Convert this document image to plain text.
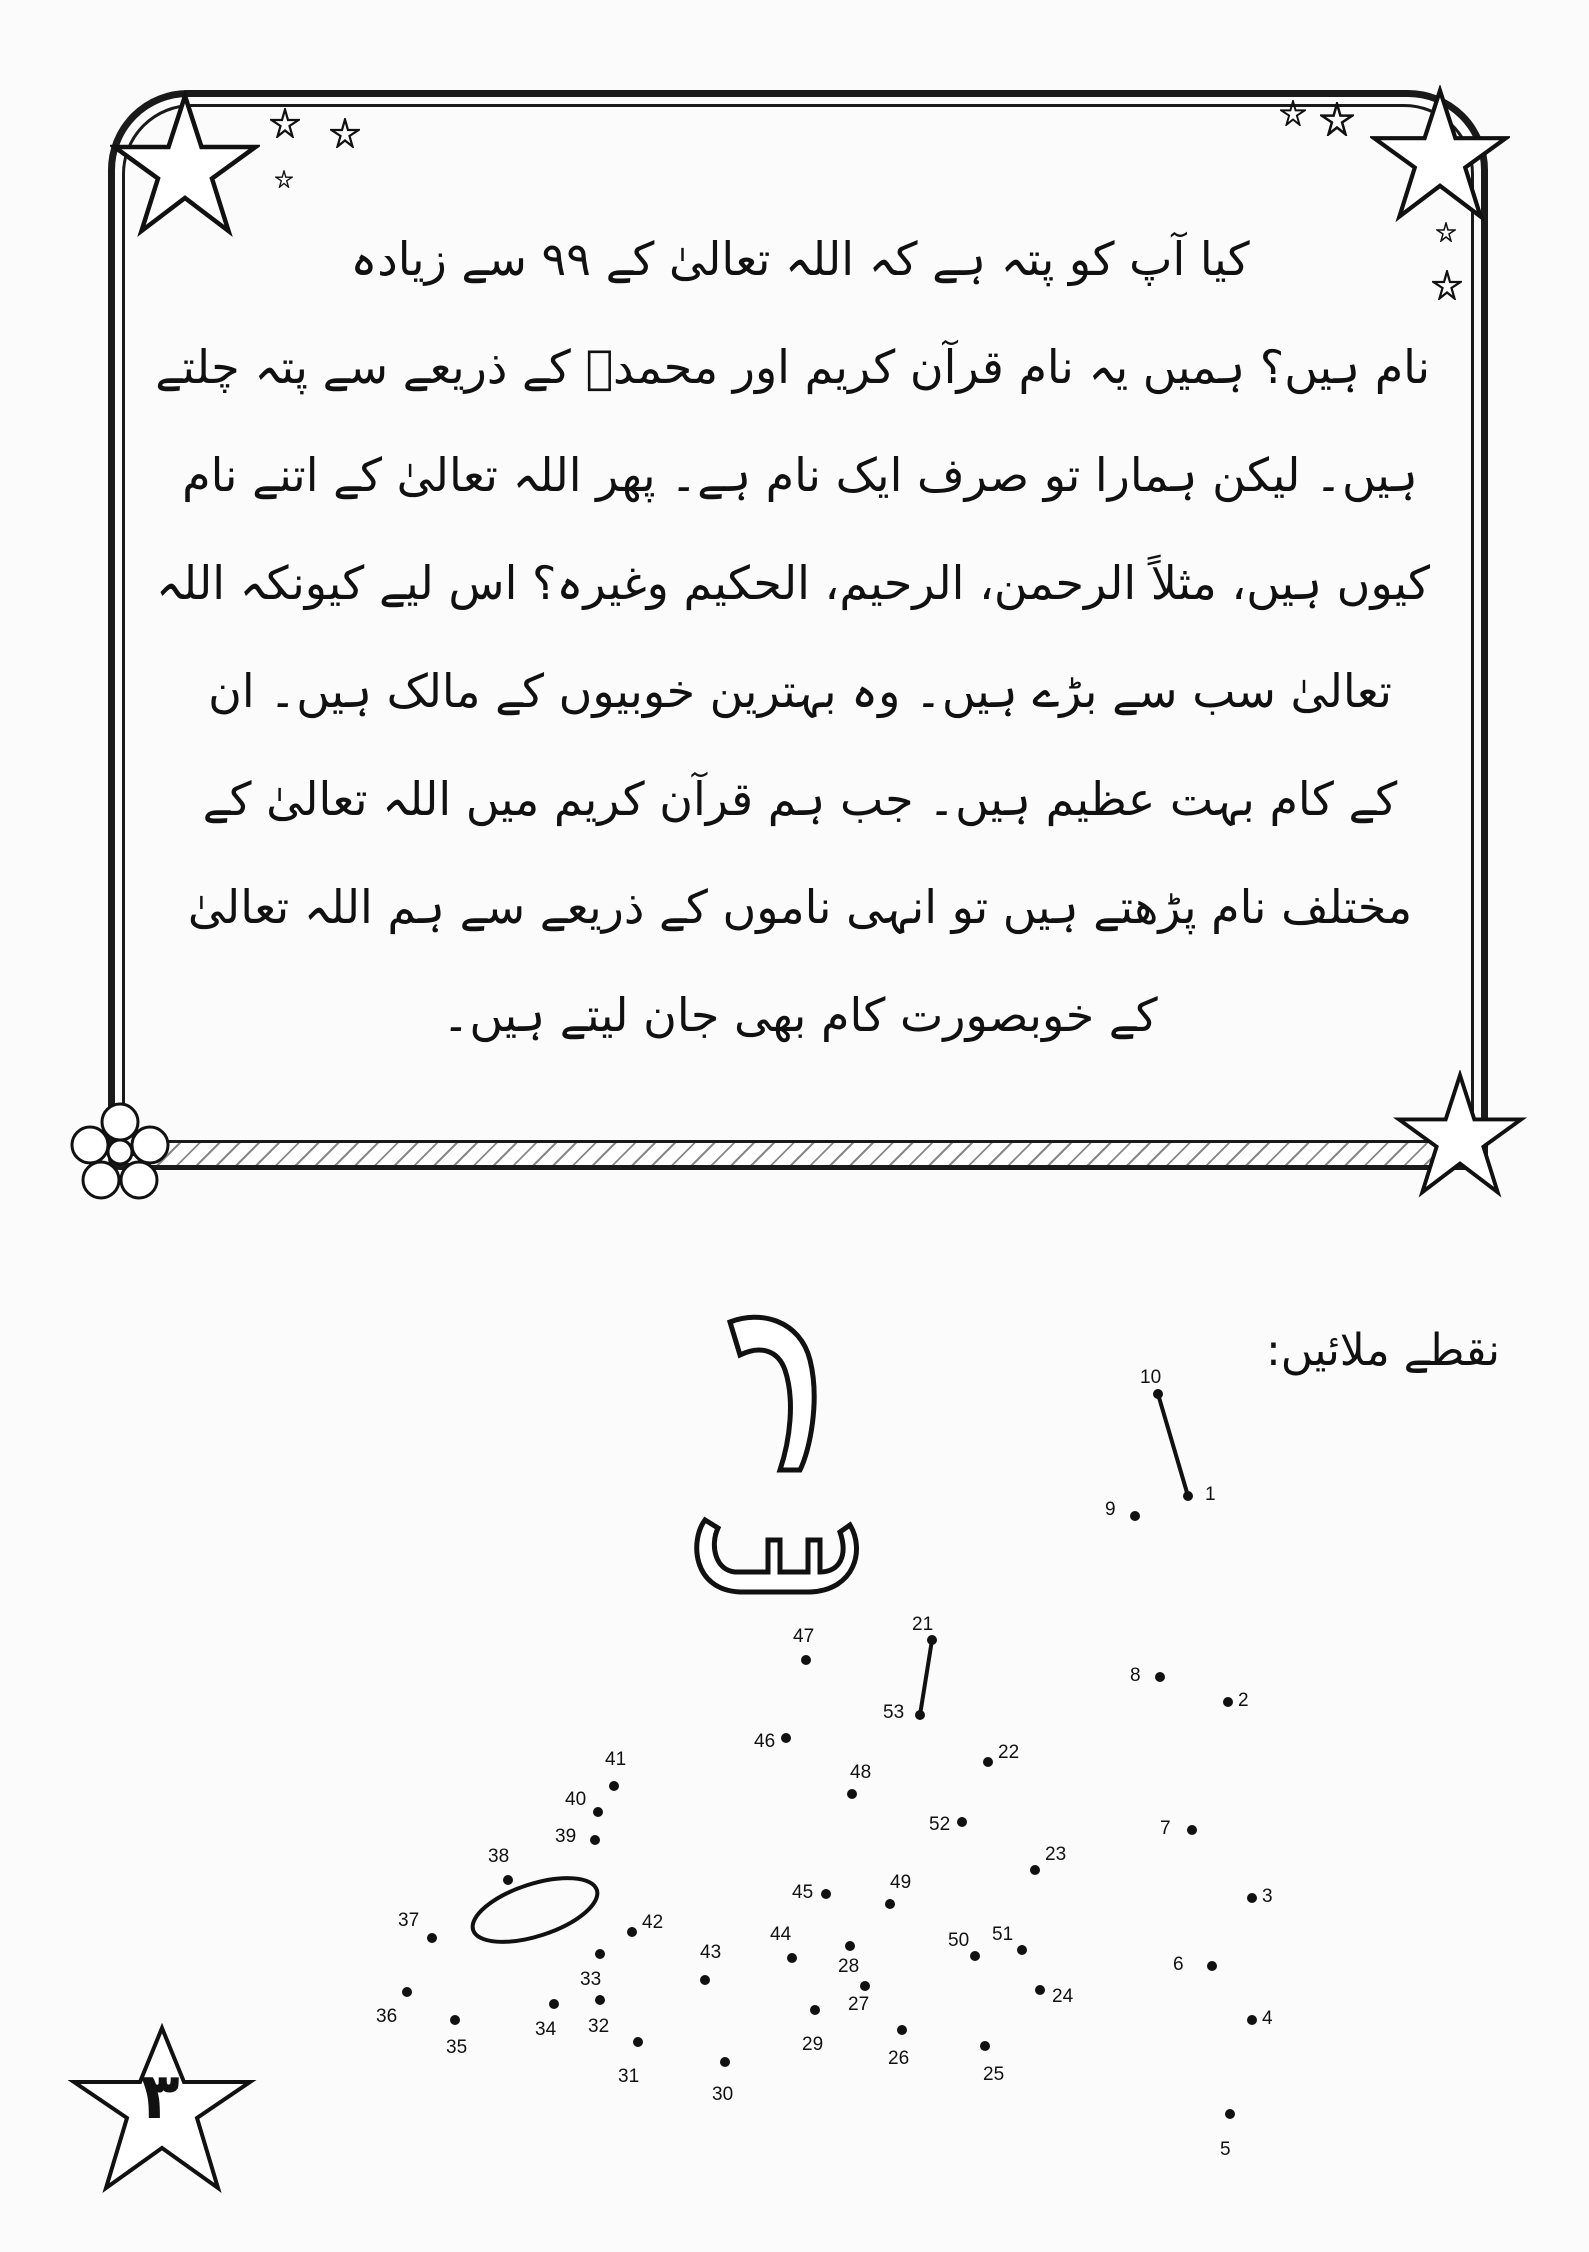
کیا آپ کو پتہ ہے کہ اللہ تعالیٰ کے ۹۹ سے زیادہ
نام ہیں؟ ہمیں یہ نام قرآن کریم اور محمدؐ کے ذریعے سے پتہ چلتے
ہیں۔ لیکن ہمارا تو صرف ایک نام ہے۔ پھر اللہ تعالیٰ کے اتنے نام
کیوں ہیں، مثلاً الرحمن، الرحیم، الحکیم وغیرہ؟ اس لیے کیونکہ اللہ
تعالیٰ سب سے بڑے ہیں۔ وہ بہترین خوبیوں کے مالک ہیں۔ ان
کے کام بہت عظیم ہیں۔ جب ہم قرآن کریم میں اللہ تعالیٰ کے
مختلف نام پڑھتے ہیں تو انہی ناموں کے ذریعے سے ہم اللہ تعالیٰ
کے خوبصورت کام بھی جان لیتے ہیں۔
نقطے ملائیں:
1
2
3
4
5
6
7
8
9
10
21
22
23
24
25
26
27
28
29
30
31
32
33
34
35
36
37
38
39
40
41
42
43
44
45
46
47
48
49
50 51
52
53
۳
